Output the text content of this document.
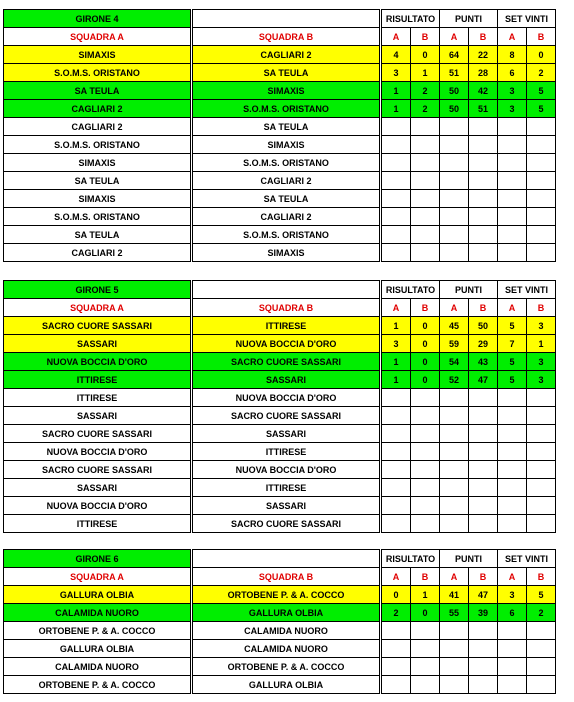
GIRONE 4				RISULTATO		PUNTI		SET VINTI	
SQUADRA A		SQUADRA B		A	B	A	B	A	B
SIMAXIS		CAGLIARI 2		4	0	64	22	8	0
S.O.M.S. ORISTANO		SA TEULA		3	1	51	28	6	2
SA TEULA		SIMAXIS		1	2	50	42	3	5
CAGLIARI 2		S.O.M.S. ORISTANO		1	2	50	51	3	5
CAGLIARI 2		SA TEULA							
S.O.M.S. ORISTANO		SIMAXIS							
SIMAXIS		S.O.M.S. ORISTANO							
SA TEULA		CAGLIARI 2							
SIMAXIS		SA TEULA							
S.O.M.S. ORISTANO		CAGLIARI 2							
SA TEULA		S.O.M.S. ORISTANO							
CAGLIARI 2		SIMAXIS							
GIRONE 5				RISULTATO		PUNTI		SET VINTI	
SQUADRA A		SQUADRA B		A	B	A	B	A	B
SACRO CUORE SASSARI		ITTIRESE		1	0	45	50	5	3
SASSARI		NUOVA BOCCIA D'ORO		3	0	59	29	7	1
NUOVA BOCCIA D'ORO		SACRO CUORE SASSARI		1	0	54	43	5	3
ITTIRESE		SASSARI		1	0	52	47	5	3
ITTIRESE		NUOVA BOCCIA D'ORO							
SASSARI		SACRO CUORE SASSARI							
SACRO CUORE SASSARI		SASSARI							
NUOVA BOCCIA D'ORO		ITTIRESE							
SACRO CUORE SASSARI		NUOVA BOCCIA D'ORO							
SASSARI		ITTIRESE							
NUOVA BOCCIA D'ORO		SASSARI							
ITTIRESE		SACRO CUORE SASSARI							
GIRONE 6				RISULTATO		PUNTI		SET VINTI	
SQUADRA A		SQUADRA B		A	B	A	B	A	B
GALLURA OLBIA		ORTOBENE P. & A. COCCO		0	1	41	47	3	5
CALAMIDA NUORO		GALLURA OLBIA		2	0	55	39	6	2
ORTOBENE P. & A. COCCO		CALAMIDA NUORO							
GALLURA OLBIA		CALAMIDA NUORO							
CALAMIDA NUORO		ORTOBENE P. & A. COCCO							
ORTOBENE P. & A. COCCO		GALLURA OLBIA							
